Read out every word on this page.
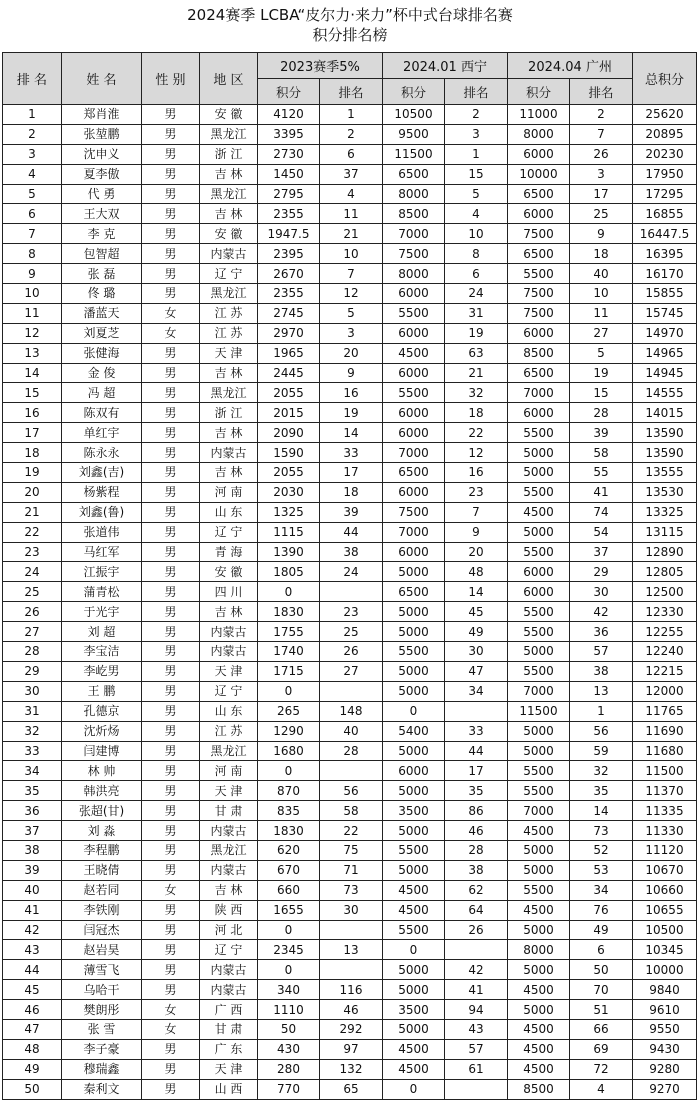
2024赛季 LCBA“皮尔力·来力”杯中式台球排名赛
积分排名榜
排 名	姓 名	性 别	地 区	2023赛季5%		2024.01 西宁		2024.04 广州		总积分
				积分	排名	积分	排名	积分	排名	
1	郑肖淮	男	安 徽	4120	1	10500	2	11000	2	25620
2	张堃鹏	男	黑龙江	3395	2	9500	3	8000	7	20895
3	沈申义	男	浙 江	2730	6	11500	1	6000	26	20230
4	夏李傲	男	吉 林	1450	37	6500	15	10000	3	17950
5	代 勇	男	黑龙江	2795	4	8000	5	6500	17	17295
6	王大双	男	吉 林	2355	11	8500	4	6000	25	16855
7	李 克	男	安 徽	1947.5	21	7000	10	7500	9	16447.5
8	包智超	男	内蒙古	2395	10	7500	8	6500	18	16395
9	张 磊	男	辽 宁	2670	7	8000	6	5500	40	16170
10	佟 璐	男	黑龙江	2355	12	6000	24	7500	10	15855
11	潘蓝天	女	江 苏	2745	5	5500	31	7500	11	15745
12	刘夏芝	女	江 苏	2970	3	6000	19	6000	27	14970
13	张健海	男	天 津	1965	20	4500	63	8500	5	14965
14	金 俊	男	吉 林	2445	9	6000	21	6500	19	14945
15	冯 超	男	黑龙江	2055	16	5500	32	7000	15	14555
16	陈双有	男	浙 江	2015	19	6000	18	6000	28	14015
17	单红宇	男	吉 林	2090	14	6000	22	5500	39	13590
18	陈永永	男	内蒙古	1590	33	7000	12	5000	58	13590
19	刘鑫(吉)	男	吉 林	2055	17	6500	16	5000	55	13555
20	杨紫程	男	河 南	2030	18	6000	23	5500	41	13530
21	刘鑫(鲁)	男	山 东	1325	39	7500	7	4500	74	13325
22	张道伟	男	辽 宁	1115	44	7000	9	5000	54	13115
23	马红军	男	青 海	1390	38	6000	20	5500	37	12890
24	江振宇	男	安 徽	1805	24	5000	48	6000	29	12805
25	蒲青松	男	四 川	0		6500	14	6000	30	12500
26	于光宇	男	吉 林	1830	23	5000	45	5500	42	12330
27	刘 超	男	内蒙古	1755	25	5000	49	5500	36	12255
28	李宝洁	男	内蒙古	1740	26	5500	30	5000	57	12240
29	李屹男	男	天 津	1715	27	5000	47	5500	38	12215
30	王 鹏	男	辽 宁	0		5000	34	7000	13	12000
31	孔德京	男	山 东	265	148	0		11500	1	11765
32	沈炘炀	男	江 苏	1290	40	5400	33	5000	56	11690
33	闫建博	男	黑龙江	1680	28	5000	44	5000	59	11680
34	林 帅	男	河 南	0		6000	17	5500	32	11500
35	韩洪亮	男	天 津	870	56	5000	35	5500	35	11370
36	张超(甘)	男	甘 肃	835	58	3500	86	7000	14	11335
37	刘 淼	男	内蒙古	1830	22	5000	46	4500	73	11330
38	李程鹏	男	黑龙江	620	75	5500	28	5000	52	11120
39	王晓倩	男	内蒙古	670	71	5000	38	5000	53	10670
40	赵若同	女	吉 林	660	73	4500	62	5500	34	10660
41	李铁刚	男	陕 西	1655	30	4500	64	4500	76	10655
42	闫冠杰	男	河 北	0		5500	26	5000	49	10500
43	赵岩昊	男	辽 宁	2345	13	0		8000	6	10345
44	薄雪飞	男	内蒙古	0		5000	42	5000	50	10000
45	乌哈干	男	内蒙古	340	116	5000	41	4500	70	9840
46	樊朗彤	女	广 西	1110	46	3500	94	5000	51	9610
47	张 雪	女	甘 肃	50	292	5000	43	4500	66	9550
48	李子豪	男	广 东	430	97	4500	57	4500	69	9430
49	穆瑞鑫	男	天 津	280	132	4500	61	4500	72	9280
50	秦利文	男	山 西	770	65	0		8500	4	9270
